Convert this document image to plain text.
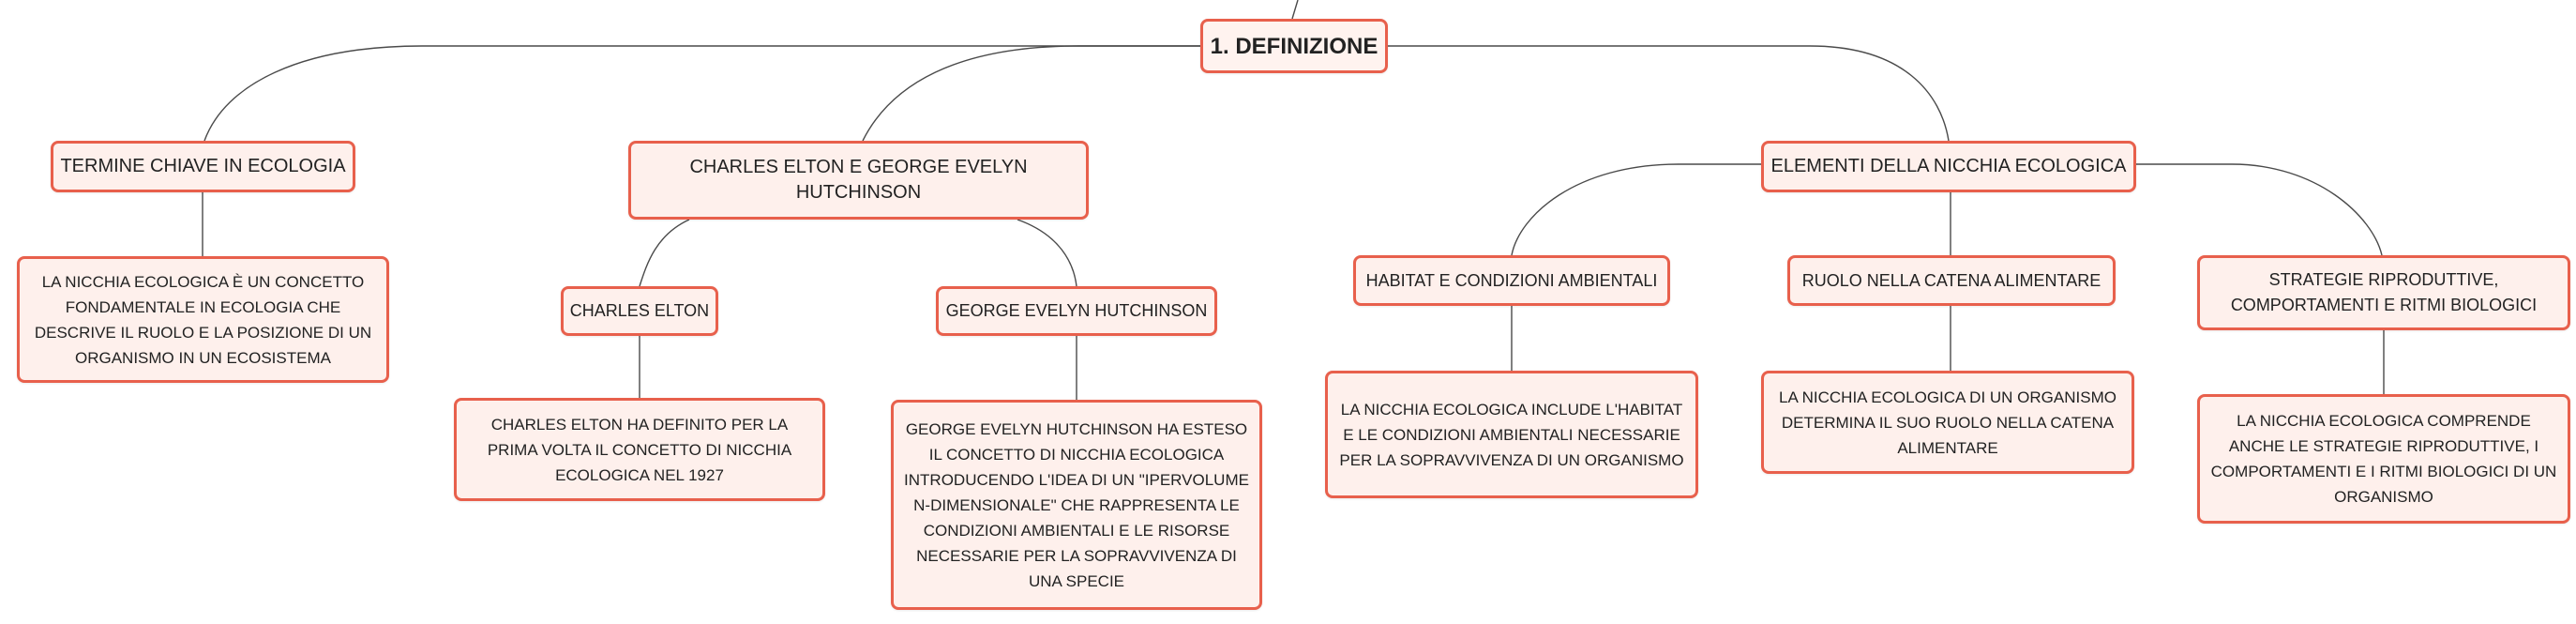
1. DEFINIZIONE
TERMINE CHIAVE IN ECOLOGIA
LA NICCHIA ECOLOGICA È UN CONCETTO FONDAMENTALE IN ECOLOGIA CHE DESCRIVE IL RUOLO E LA POSIZIONE DI UN ORGANISMO IN UN ECOSISTEMA
CHARLES ELTON E GEORGE EVELYN HUTCHINSON
CHARLES ELTON
CHARLES ELTON HA DEFINITO PER LA PRIMA VOLTA IL CONCETTO DI NICCHIA ECOLOGICA NEL 1927
GEORGE EVELYN HUTCHINSON
GEORGE EVELYN HUTCHINSON HA ESTESO IL CONCETTO DI NICCHIA ECOLOGICA INTRODUCENDO L'IDEA DI UN "IPERVOLUME N-DIMENSIONALE" CHE RAPPRESENTA LE CONDIZIONI AMBIENTALI E LE RISORSE NECESSARIE PER LA SOPRAVVIVENZA DI UNA SPECIE
ELEMENTI DELLA NICCHIA ECOLOGICA
HABITAT E CONDIZIONI AMBIENTALI
LA NICCHIA ECOLOGICA INCLUDE L'HABITAT E LE CONDIZIONI AMBIENTALI NECESSARIE PER LA SOPRAVVIVENZA DI UN ORGANISMO
RUOLO NELLA CATENA ALIMENTARE
LA NICCHIA ECOLOGICA DI UN ORGANISMO DETERMINA IL SUO RUOLO NELLA CATENA ALIMENTARE
STRATEGIE RIPRODUTTIVE, COMPORTAMENTI E RITMI BIOLOGICI
LA NICCHIA ECOLOGICA COMPRENDE ANCHE LE STRATEGIE RIPRODUTTIVE, I COMPORTAMENTI E I RITMI BIOLOGICI DI UN ORGANISMO
